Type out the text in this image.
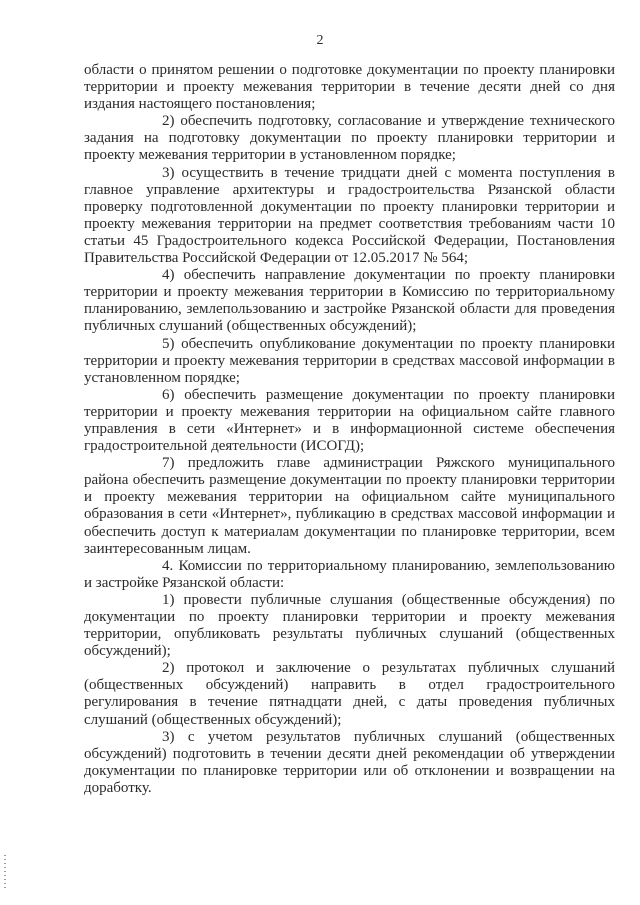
2

области о принятом решении о подготовке документации по проекту планировки территории и проекту межевания территории в течение десяти дней со дня издания настоящего постановления;

2) обеспечить подготовку, согласование и утверждение технического задания на подготовку документации по проекту планировки территории и проекту межевания территории в установленном порядке;

3) осуществить в течение тридцати дней с момента поступления в главное управление архитектуры и градостроительства Рязанской области проверку подготовленной документации по проекту планировки территории и проекту межевания территории на предмет соответствия требованиям части 10 статьи 45 Градостроительного кодекса Российской Федерации, Постановления Правительства Российской Федерации от 12.05.2017 № 564;

4) обеспечить направление документации по проекту планировки территории и проекту межевания территории в Комиссию по территориальному планированию, землепользованию и застройке Рязанской области для проведения публичных слушаний (общественных обсуждений);

5) обеспечить опубликование документации по проекту планировки территории и проекту межевания территории в средствах массовой информации в установленном порядке;

6) обеспечить размещение документации по проекту планировки территории и проекту межевания территории на официальном сайте главного управления в сети «Интернет» и в информационной системе обеспечения градостроительной деятельности (ИСОГД);

7) предложить главе администрации Ряжского муниципального района обеспечить размещение документации по проекту планировки территории и проекту межевания территории на официальном сайте муниципального образования в сети «Интернет», публикацию в средствах массовой информации и обеспечить доступ к материалам документации по планировке территории, всем заинтересованным лицам.

4. Комиссии по территориальному планированию, землепользованию и застройке Рязанской области:

1) провести публичные слушания (общественные обсуждения) по документации по проекту планировки территории и проекту межевания территории, опубликовать результаты публичных слушаний (общественных обсуждений);

2) протокол и заключение о результатах публичных слушаний (общественных обсуждений) направить в отдел градостроительного регулирования в течение пятнадцати дней, с даты проведения публичных слушаний (общественных обсуждений);

3) с учетом результатов публичных слушаний (общественных обсуждений) подготовить в течении десяти дней рекомендации об утверждении документации по планировке территории или об отклонении и возвращении на доработку.
